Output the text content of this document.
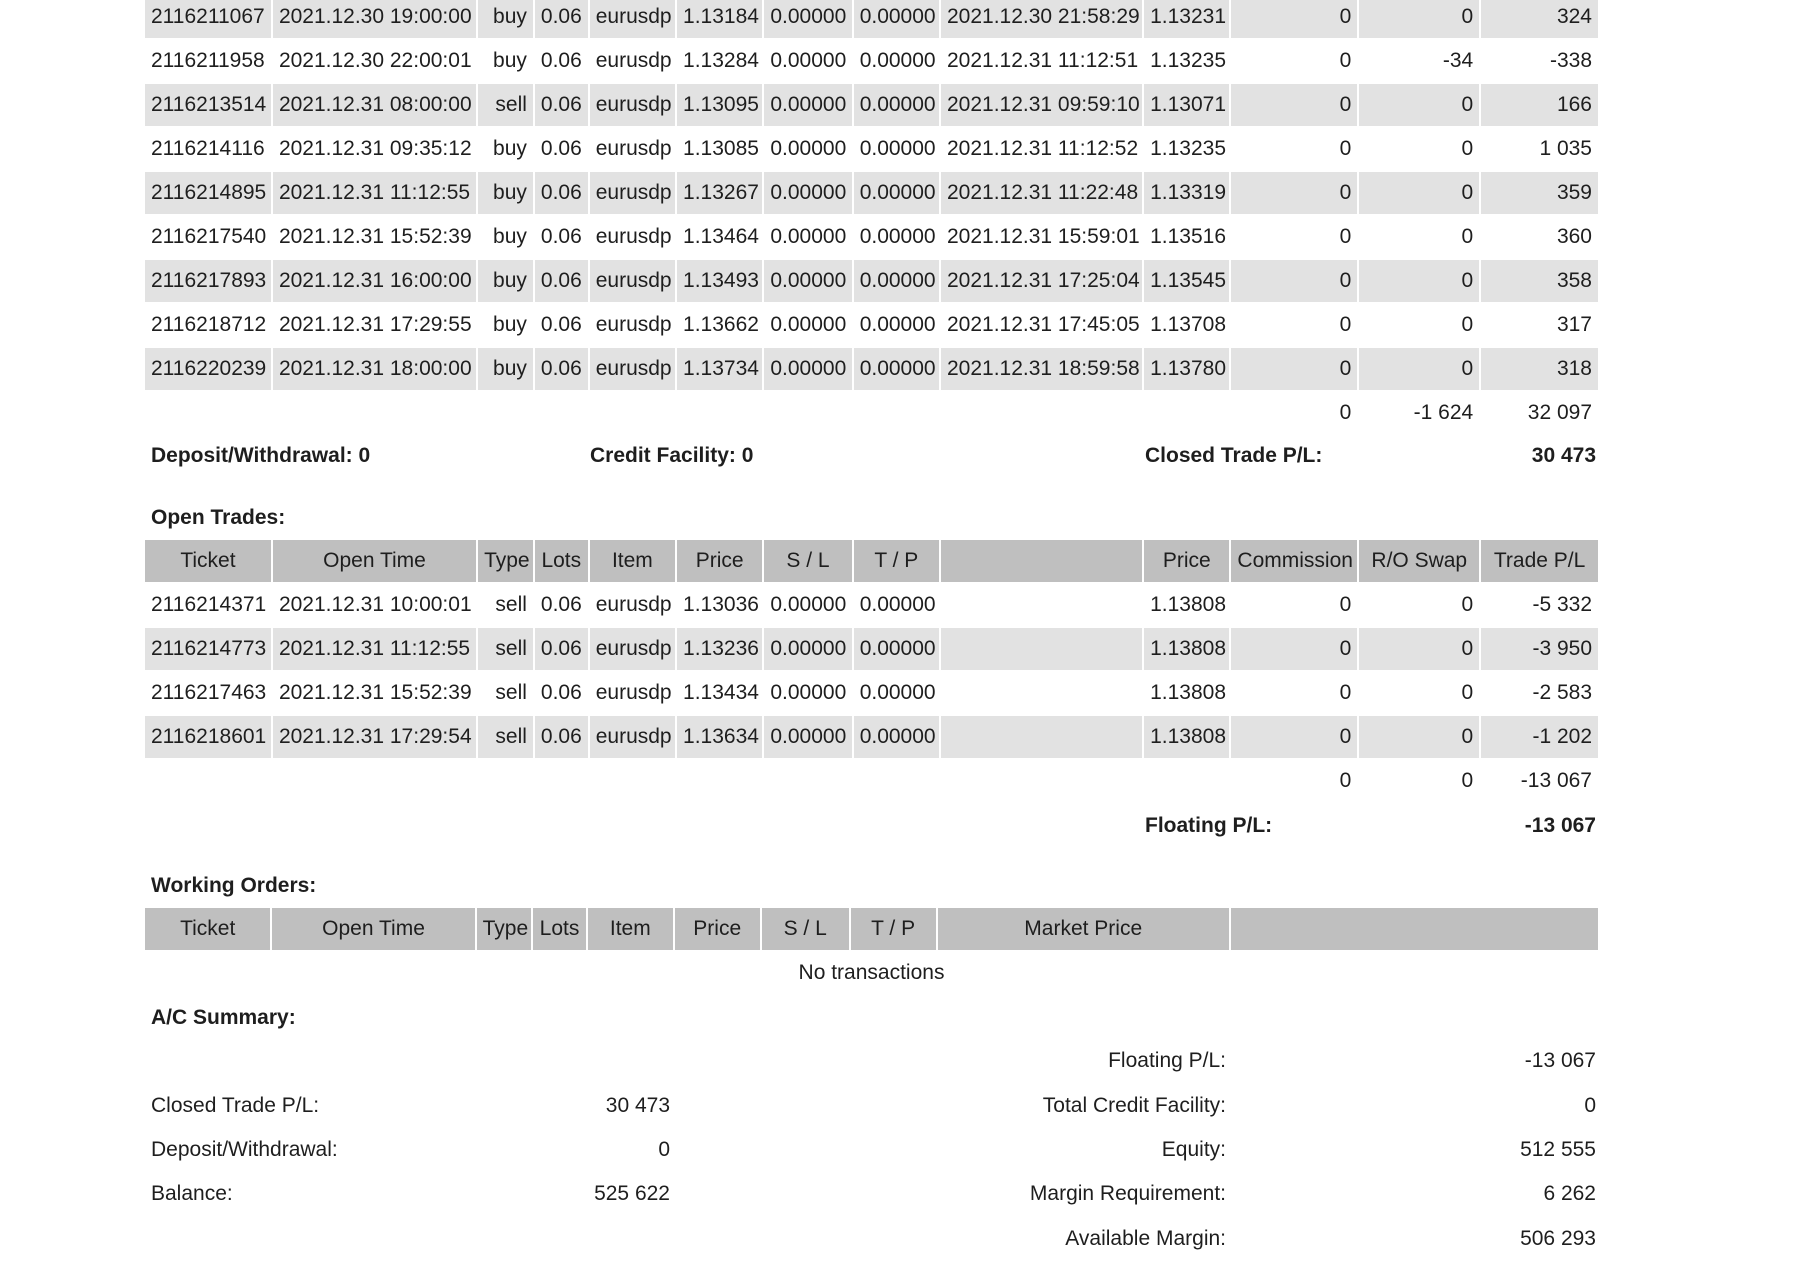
2116211067	2021.12.30 19:00:00	buy	0.06	eurusdp	1.13184	0.00000	0.00000	2021.12.30 21:58:29	1.13231	0	0	324
2116211958	2021.12.30 22:00:01	buy	0.06	eurusdp	1.13284	0.00000	0.00000	2021.12.31 11:12:51	1.13235	0	-34	-338
2116213514	2021.12.31 08:00:00	sell	0.06	eurusdp	1.13095	0.00000	0.00000	2021.12.31 09:59:10	1.13071	0	0	166
2116214116	2021.12.31 09:35:12	buy	0.06	eurusdp	1.13085	0.00000	0.00000	2021.12.31 11:12:52	1.13235	0	0	1 035
2116214895	2021.12.31 11:12:55	buy	0.06	eurusdp	1.13267	0.00000	0.00000	2021.12.31 11:22:48	1.13319	0	0	359
2116217540	2021.12.31 15:52:39	buy	0.06	eurusdp	1.13464	0.00000	0.00000	2021.12.31 15:59:01	1.13516	0	0	360
2116217893	2021.12.31 16:00:00	buy	0.06	eurusdp	1.13493	0.00000	0.00000	2021.12.31 17:25:04	1.13545	0	0	358
2116218712	2021.12.31 17:29:55	buy	0.06	eurusdp	1.13662	0.00000	0.00000	2021.12.31 17:45:05	1.13708	0	0	317
2116220239	2021.12.31 18:00:00	buy	0.06	eurusdp	1.13734	0.00000	0.00000	2021.12.31 18:59:58	1.13780	0	0	318
										0	-1 624	32 097
Deposit/Withdrawal: 0	Credit Facility: 0	Closed Trade P/L:	30 473
Open Trades:
Ticket	Open Time	Type	Lots	Item	Price	S / L	T / P		Price	Commission	R/O Swap	Trade P/L
2116214371	2021.12.31 10:00:01	sell	0.06	eurusdp	1.13036	0.00000	0.00000		1.13808	0	0	-5 332
2116214773	2021.12.31 11:12:55	sell	0.06	eurusdp	1.13236	0.00000	0.00000		1.13808	0	0	-3 950
2116217463	2021.12.31 15:52:39	sell	0.06	eurusdp	1.13434	0.00000	0.00000		1.13808	0	0	-2 583
2116218601	2021.12.31 17:29:54	sell	0.06	eurusdp	1.13634	0.00000	0.00000		1.13808	0	0	-1 202
										0	0	-13 067
Floating P/L:	-13 067
Working Orders:
Ticket	Open Time	Type	Lots	Item	Price	S / L	T / P	Market Price	
No transactions
A/C Summary:
Floating P/L:	-13 067
Closed Trade P/L:	30 473	Total Credit Facility:	0
Deposit/Withdrawal:	0	Equity:	512 555
Balance:	525 622	Margin Requirement:	6 262
Available Margin:	506 293
